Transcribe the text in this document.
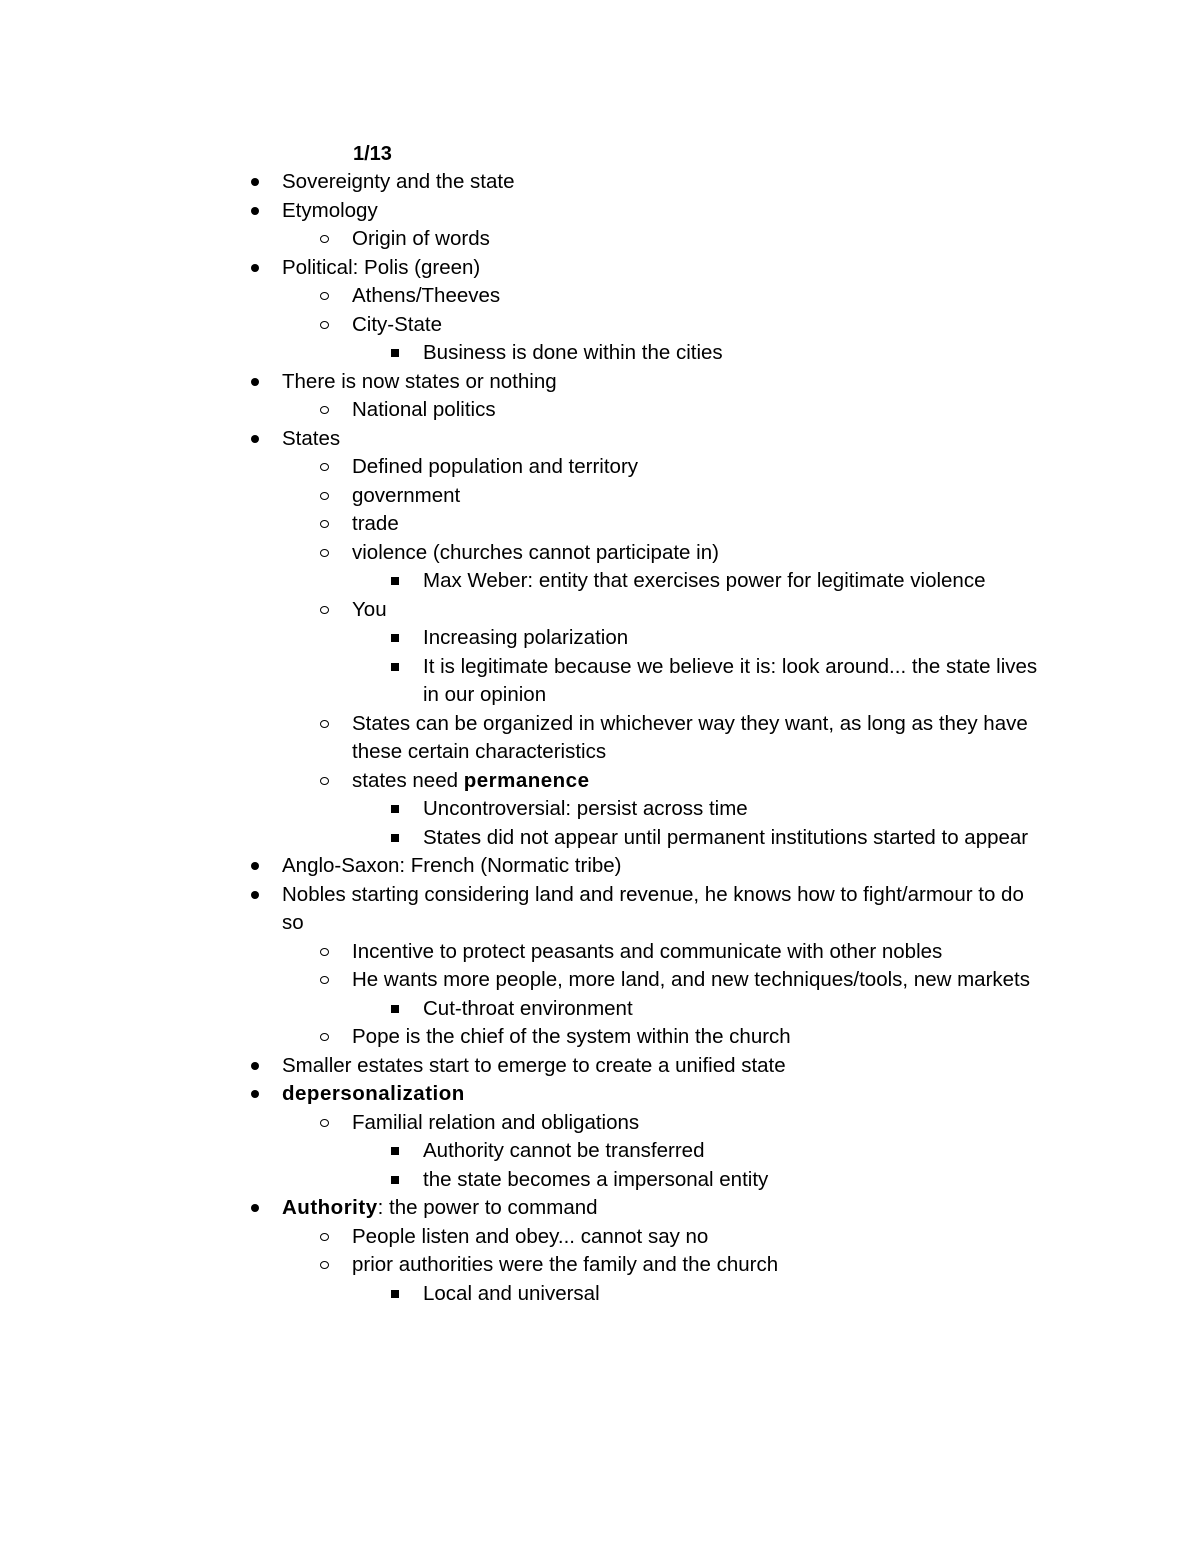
1/13
Sovereignty and the state
Etymology
Origin of words
Political: Polis (green)
Athens/Theeves
City-State
Business is done within the cities
There is now states or nothing
National politics
States
Defined population and territory
government
trade
violence (churches cannot participate in)
Max Weber: entity that exercises power for legitimate violence
You
Increasing polarization
It is legitimate because we believe it is: look around... the state lives in our opinion
States can be organized in whichever way they want, as long as they have these certain characteristics
states need permanence
Uncontroversial: persist across time
States did not appear until permanent institutions started to appear
Anglo-Saxon: French (Normatic tribe)
Nobles starting considering land and revenue, he knows how to fight/armour to do so
Incentive to protect peasants and communicate with other nobles
He wants more people, more land, and new techniques/tools, new markets
Cut-throat environment
Pope is the chief of the system within the church
Smaller estates start to emerge to create a unified state
depersonalization
Familial relation and obligations
Authority cannot be transferred
the state becomes a impersonal entity
Authority: the power to command
People listen and obey... cannot say no
prior authorities were the family and the church
Local and universal
